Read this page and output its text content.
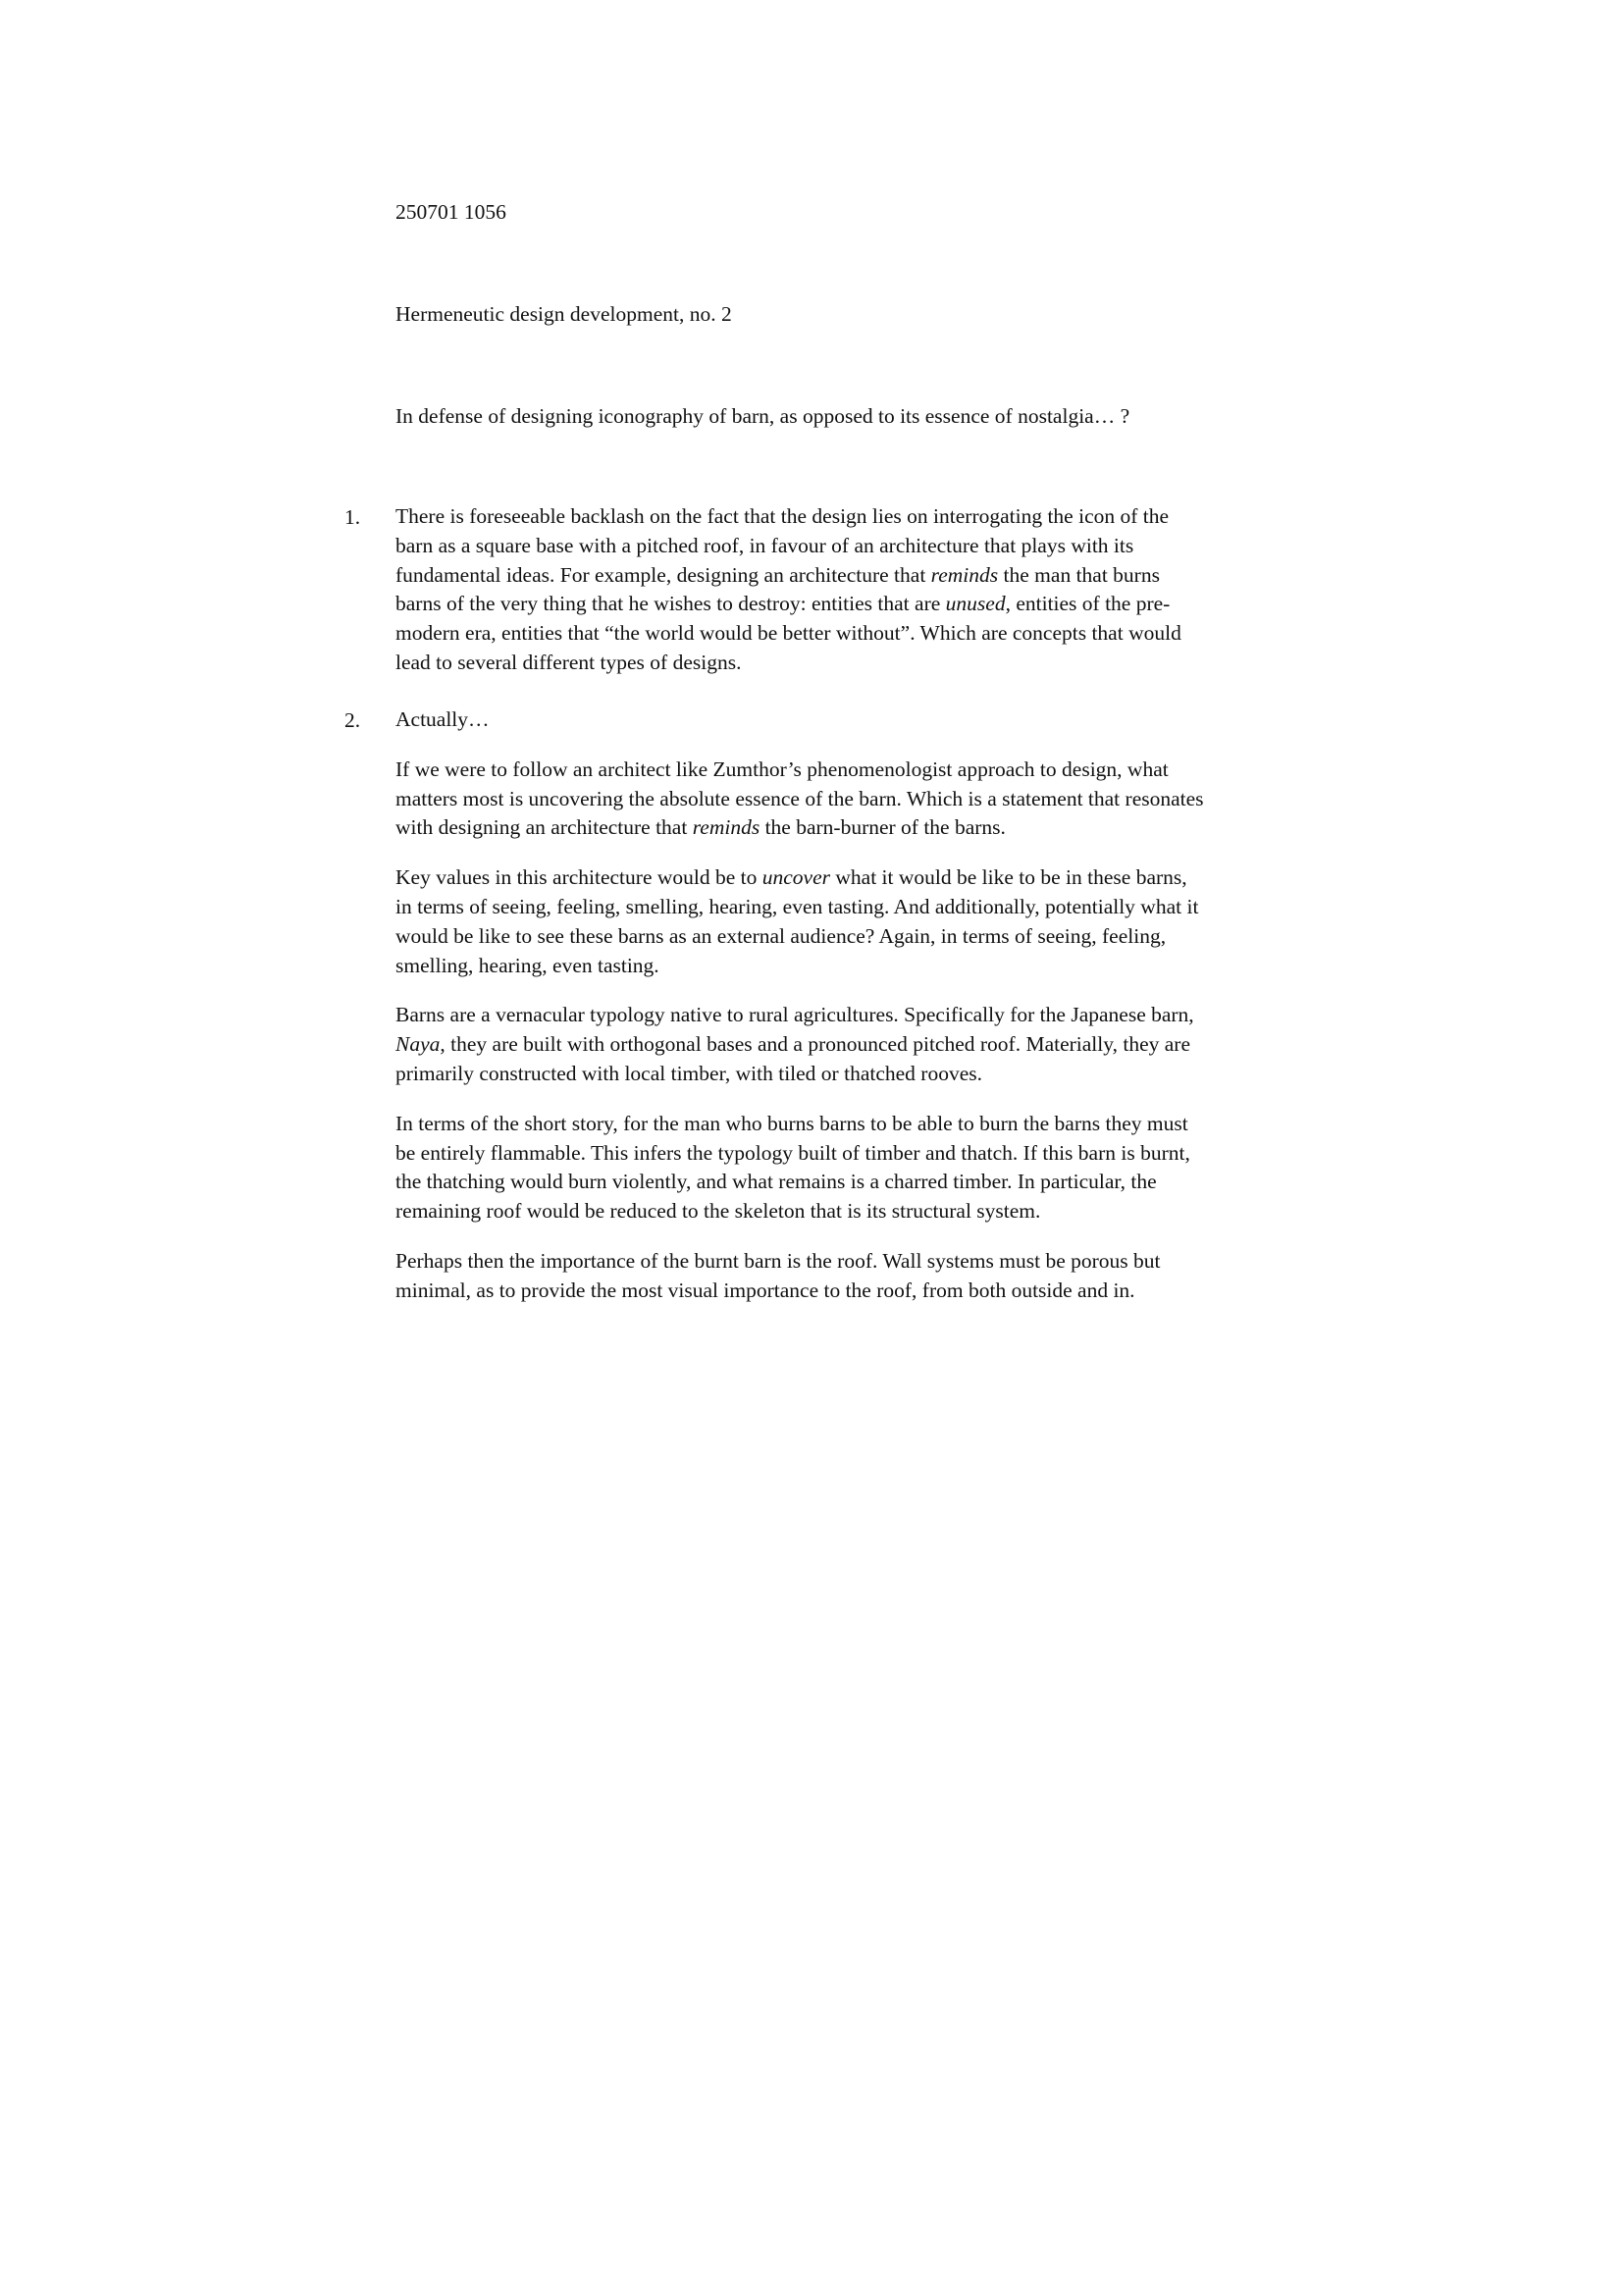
250701 1056
Hermeneutic design development, no. 2
In defense of designing iconography of barn, as opposed to its essence of nostalgia… ?
1. There is foreseeable backlash on the fact that the design lies on interrogating the icon of the
barn as a square base with a pitched roof, in favour of an architecture that plays with its
fundamental ideas. For example, designing an architecture that reminds the man that burns
barns of the very thing that he wishes to destroy: entities that are unused, entities of the pre-
modern era, entities that “the world would be better without”. Which are concepts that would
lead to several different types of designs.

2. Actually…

If we were to follow an architect like Zumthor’s phenomenologist approach to design, what
matters most is uncovering the absolute essence of the barn. Which is a statement that resonates
with designing an architecture that reminds the barn-burner of the barns.

Key values in this architecture would be to uncover what it would be like to be in these barns,
in terms of seeing, feeling, smelling, hearing, even tasting. And additionally, potentially what it
would be like to see these barns as an external audience? Again, in terms of seeing, feeling,
smelling, hearing, even tasting.

Barns are a vernacular typology native to rural agricultures. Specifically for the Japanese barn,
Naya, they are built with orthogonal bases and a pronounced pitched roof. Materially, they are
primarily constructed with local timber, with tiled or thatched rooves.

In terms of the short story, for the man who burns barns to be able to burn the barns they must
be entirely flammable. This infers the typology built of timber and thatch. If this barn is burnt,
the thatching would burn violently, and what remains is a charred timber. In particular, the
remaining roof would be reduced to the skeleton that is its structural system.

Perhaps then the importance of the burnt barn is the roof. Wall systems must be porous but
minimal, as to provide the most visual importance to the roof, from both outside and in.
